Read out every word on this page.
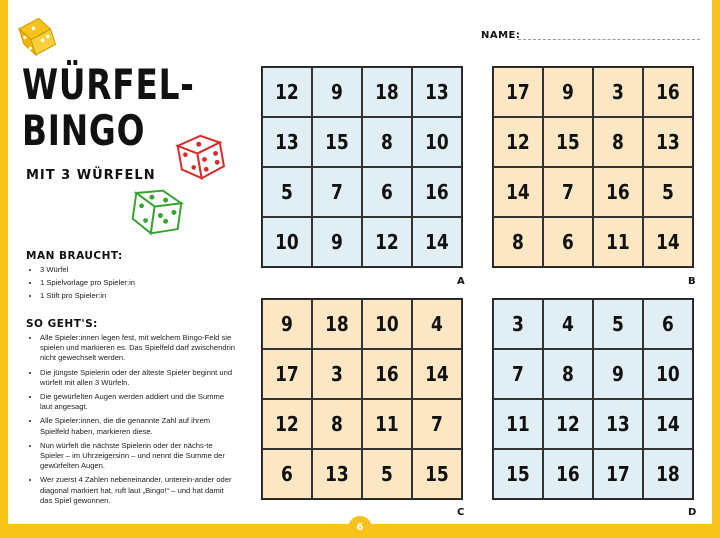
WÜRFEL-
BINGO
MIT 3 WÜRFELN
MAN BRAUCHT:
• 3 Würfel
• 1 Spielvorlage pro Spieler:in
• 1 Stift pro Spieler:in
SO GEHT'S:
• Alle Spieler:innen legen fest, mit welchem Bingo-Feld sie spielen und markieren es. Das Spielfeld darf zwischendrin nicht gewechselt werden.
• Die jüngste Spielerin oder der älteste Spieler beginnt und würfelt mit allen 3 Würfeln.
• Die gewürfelten Augen werden addiert und die Summe laut angesagt.
• Alle Spieler:innen, die die genannte Zahl auf ihrem Spielfeld haben, markieren diese.
• Nun würfelt die nächste Spielerin oder der nächs-te Spieler – im Uhrzeigersinn – und nennt die Summe der gewürfelten Augen.
• Wer zuerst 4 Zahlen nebeneinander, unterein-ander oder diagonal markiert hat, ruft laut „Bingo!“ – und hat damit das Spiel gewonnen.
NAME:
12 9 18 13
13 15 8 10
5 7 6 16
10 9 12 14
A
17 9 3 16
12 15 8 13
14 7 16 5
8 6 11 14
B
9 18 10 4
17 3 16 14
12 8 11 7
6 13 5 15
C
3 4 5 6
7 8 9 10
11 12 13 14
15 16 17 18
D
6
